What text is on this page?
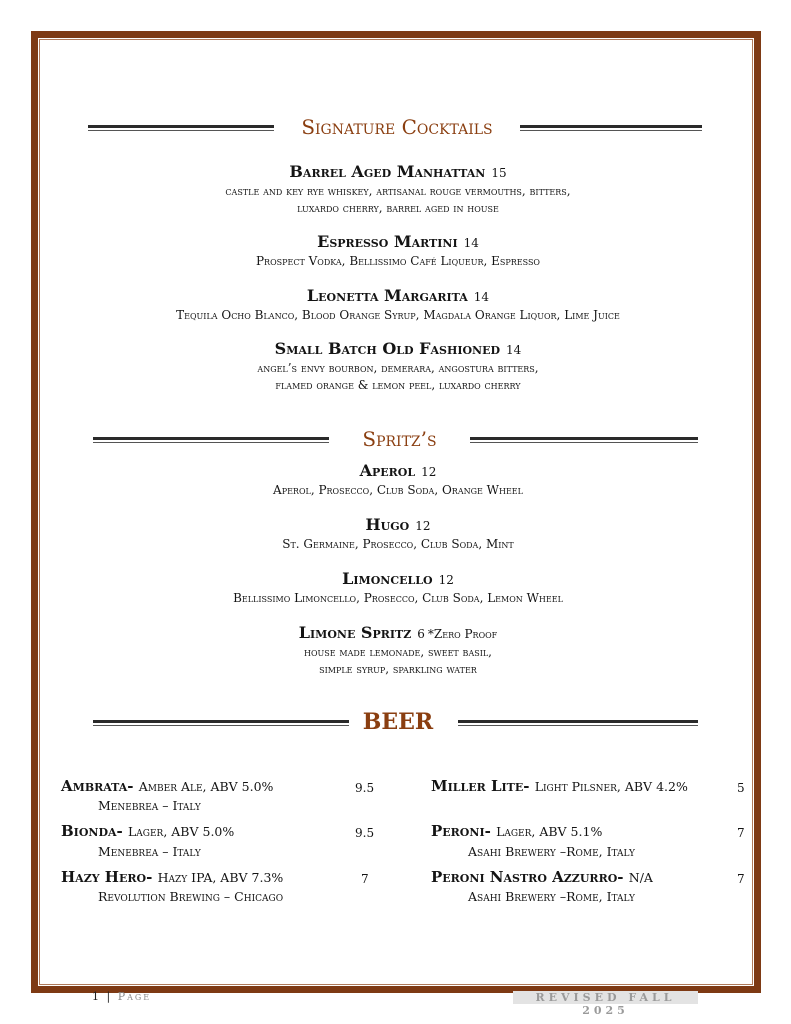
Signature Cocktails
Barrel Aged Manhattan 15
castle and key rye whiskey, artisanal rouge vermouths, bitters,
luxardo cherry, barrel aged in house
Espresso Martini 14
Prospect Vodka, Bellissimo Café Liqueur, Espresso
Leonetta Margarita 14
Tequila Ocho Blanco, Blood Orange Syrup, Magdala Orange Liquor, Lime Juice
Small Batch Old Fashioned 14
angel’s envy bourbon, demerara, angostura bitters,
flamed orange & lemon peel, luxardo cherry
Spritz’s
Aperol 12
Aperol, Prosecco, Club Soda, Orange Wheel
Hugo 12
St. Germaine, Prosecco, Club Soda, Mint
Limoncello 12
Bellissimo Limoncello, Prosecco, Club Soda, Lemon Wheel
Limone Spritz 6 *Zero Proof
house made lemonade, sweet basil,
simple syrup, sparkling water
BEER
Ambrata- Amber Ale, ABV 5.0%	9.5
Menebrea – Italy
Bionda- Lager, ABV 5.0%	9.5
Menebrea – Italy
Hazy Hero- Hazy IPA, ABV 7.3%	7
Revolution Brewing – Chicago
Miller Lite- Light Pilsner, ABV 4.2%	5
Peroni- Lager, ABV 5.1%	7
Asahi Brewery –Rome, Italy
Peroni Nastro Azzurro- N/A	7
Asahi Brewery –Rome, Italy
1 | Page	REVISED FALL 2025
